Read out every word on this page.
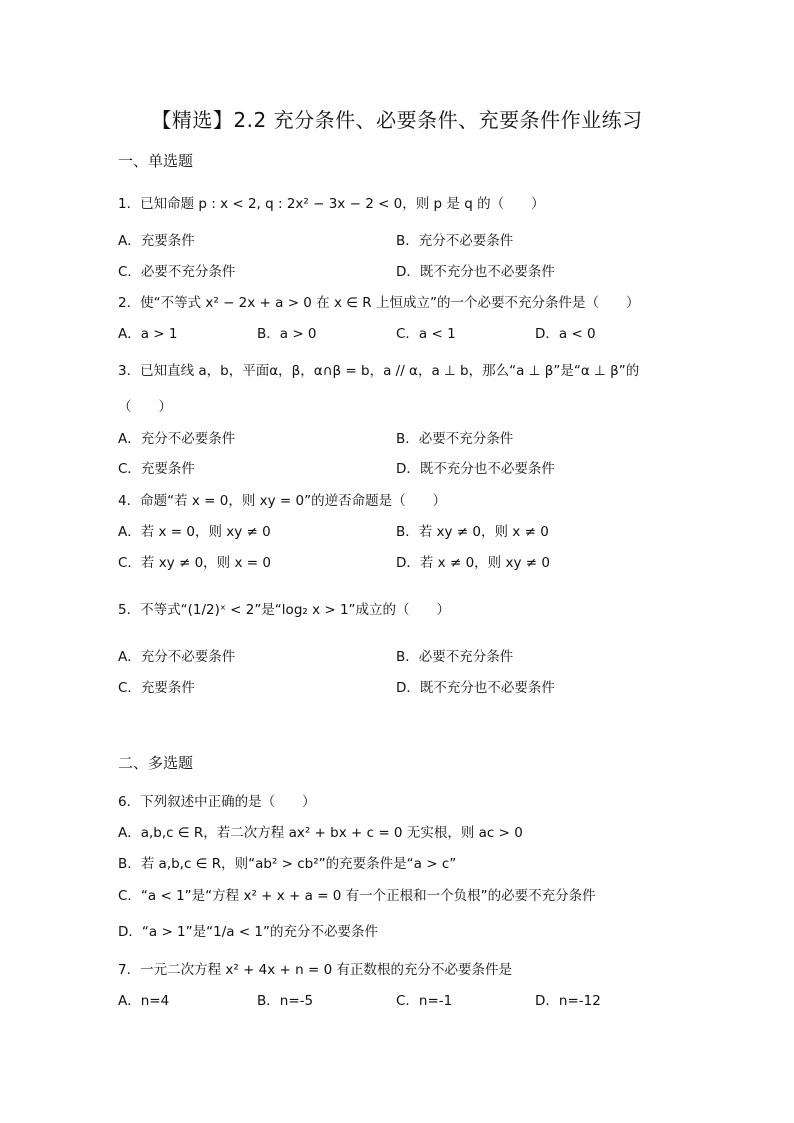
【精选】2.2 充分条件、必要条件、充要条件作业练习
一、单选题
1．已知命题 p : x < 2, q : 2x² − 3x − 2 < 0，则 p 是 q 的（　　）
A．充要条件	B．充分不必要条件
C．必要不充分条件	D．既不充分也不必要条件
2．使“不等式 x² − 2x + a > 0 在 x ∈ R 上恒成立”的一个必要不充分条件是（　　）
A．a > 1	B．a > 0	C．a < 1	D．a < 0
3．已知直线 a，b，平面α，β，α∩β = b，a // α，a ⊥ b，那么“a ⊥ β”是“α ⊥ β”的
（　　）
A．充分不必要条件	B．必要不充分条件
C．充要条件	D．既不充分也不必要条件
4．命题“若 x = 0，则 xy = 0”的逆否命题是（　　）
A．若 x = 0，则 xy ≠ 0	B．若 xy ≠ 0，则 x ≠ 0
C．若 xy ≠ 0，则 x = 0	D．若 x ≠ 0，则 xy ≠ 0
5．不等式“(1/2)ˣ < 2”是“log₂ x > 1”成立的（　　）
A．充分不必要条件	B．必要不充分条件
C．充要条件	D．既不充分也不必要条件
二、多选题
6．下列叙述中正确的是（　　）
A．a,b,c ∈ R，若二次方程 ax² + bx + c = 0 无实根，则 ac > 0
B．若 a,b,c ∈ R，则“ab² > cb²”的充要条件是“a > c”
C．“a < 1”是“方程 x² + x + a = 0 有一个正根和一个负根”的必要不充分条件
D．“a > 1”是“1/a < 1”的充分不必要条件
7．一元二次方程 x² + 4x + n = 0 有正数根的充分不必要条件是
A．n=4	B．n=-5	C．n=-1	D．n=-12
